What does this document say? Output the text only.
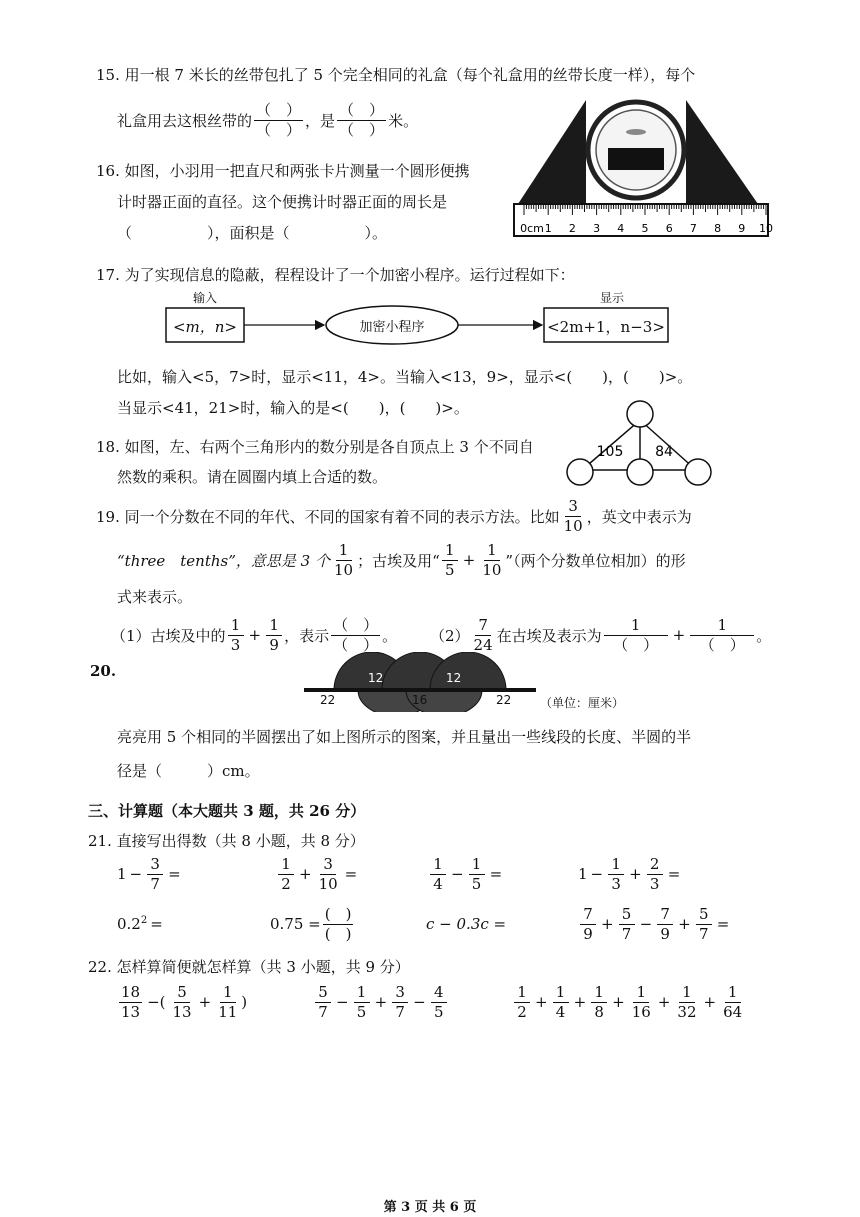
15. 用一根 7 米长的丝带包扎了 5 个完全相同的礼盒（每个礼盒用的丝带长度一样），每个
礼盒用去这根丝带的 $\frac{( )}{( )}$ ，是 $\frac{( )}{( )}$ 米。
16. 如图，小羽用一把直尺和两张卡片测量一个圆形便携
计时器正面的直径。这个便携计时器正面的周长是
（　　　　　），面积是（　　　　　）。	0cm 1 2 3 4 5 6 7 8 9 10
17. 为了实现信息的隐蔽，程程设计了一个加密小程序。运行过程如下：
输入	显示
<m，n>	加密小程序	<2m+1，n−3>
比如，输入<5，7>时，显示<11，4>。当输入<13，9>，显示<(　　)，(　　)>。
当显示<41，21>时，输入的是<(　　)，(　　)>。
18. 如图，左、右两个三角形内的数分别是各自顶点上 3 个不同自
然数的乘积。请在圆圈内填上合适的数。
105 84
19. 同一个分数在不同的年代、不同的国家有着不同的表示方法。比如 $\frac{3}{10}$ ，英文中表示为
“three　tenths”，意思是 3 个 $\frac{1}{10}$ ；古埃及用“ $\frac{1}{5} + \frac{1}{10}$ ”（两个分数单位相加）的形
式来表示。
（1）古埃及中的 $\frac{1}{3} + \frac{1}{9}$ ，表示 $\frac{( )}{( )}$ 。 $(2) \frac{7}{24}$ 在古埃及表示为 $\frac{1}{( )} + \frac{1}{( )}$ 。
20.
22
12
16
12
22 （单位：厘米）
亮亮用 5 个相同的半圆摆出了如上图所示的图案，并且量出一些线段的长度、半圆的半
径是（　　　）cm。
三、计算题（本大题共 3 题，共 26 分）
21. 直接写出得数（共 8 小题，共 8 分）
$1 - \frac{3}{7}$ =	$\frac{1}{2} + \frac{3}{10}$ =	$\frac{1}{4} - \frac{1}{5}$ =	$1 - \frac{1}{3} + \frac{2}{3}$ =
$0.2^2$ =	$0.75 = \frac{( )}{( )}$	c − 0.3c =	$\frac{7}{9} + \frac{5}{7} - \frac{7}{9} + \frac{5}{7}$ =
22. 怎样算简便就怎样算（共 3 小题，共 9 分）
$\frac{18}{13}$ −( $\frac{5}{13} + \frac{1}{11}$ )	$\frac{5}{7} - \frac{1}{5} + \frac{3}{7} - \frac{4}{5}$	$\frac{1}{2} + \frac{1}{4} + \frac{1}{8} + \frac{1}{16} + \frac{1}{32} + \frac{1}{64}$
第 3 页 共 6 页
